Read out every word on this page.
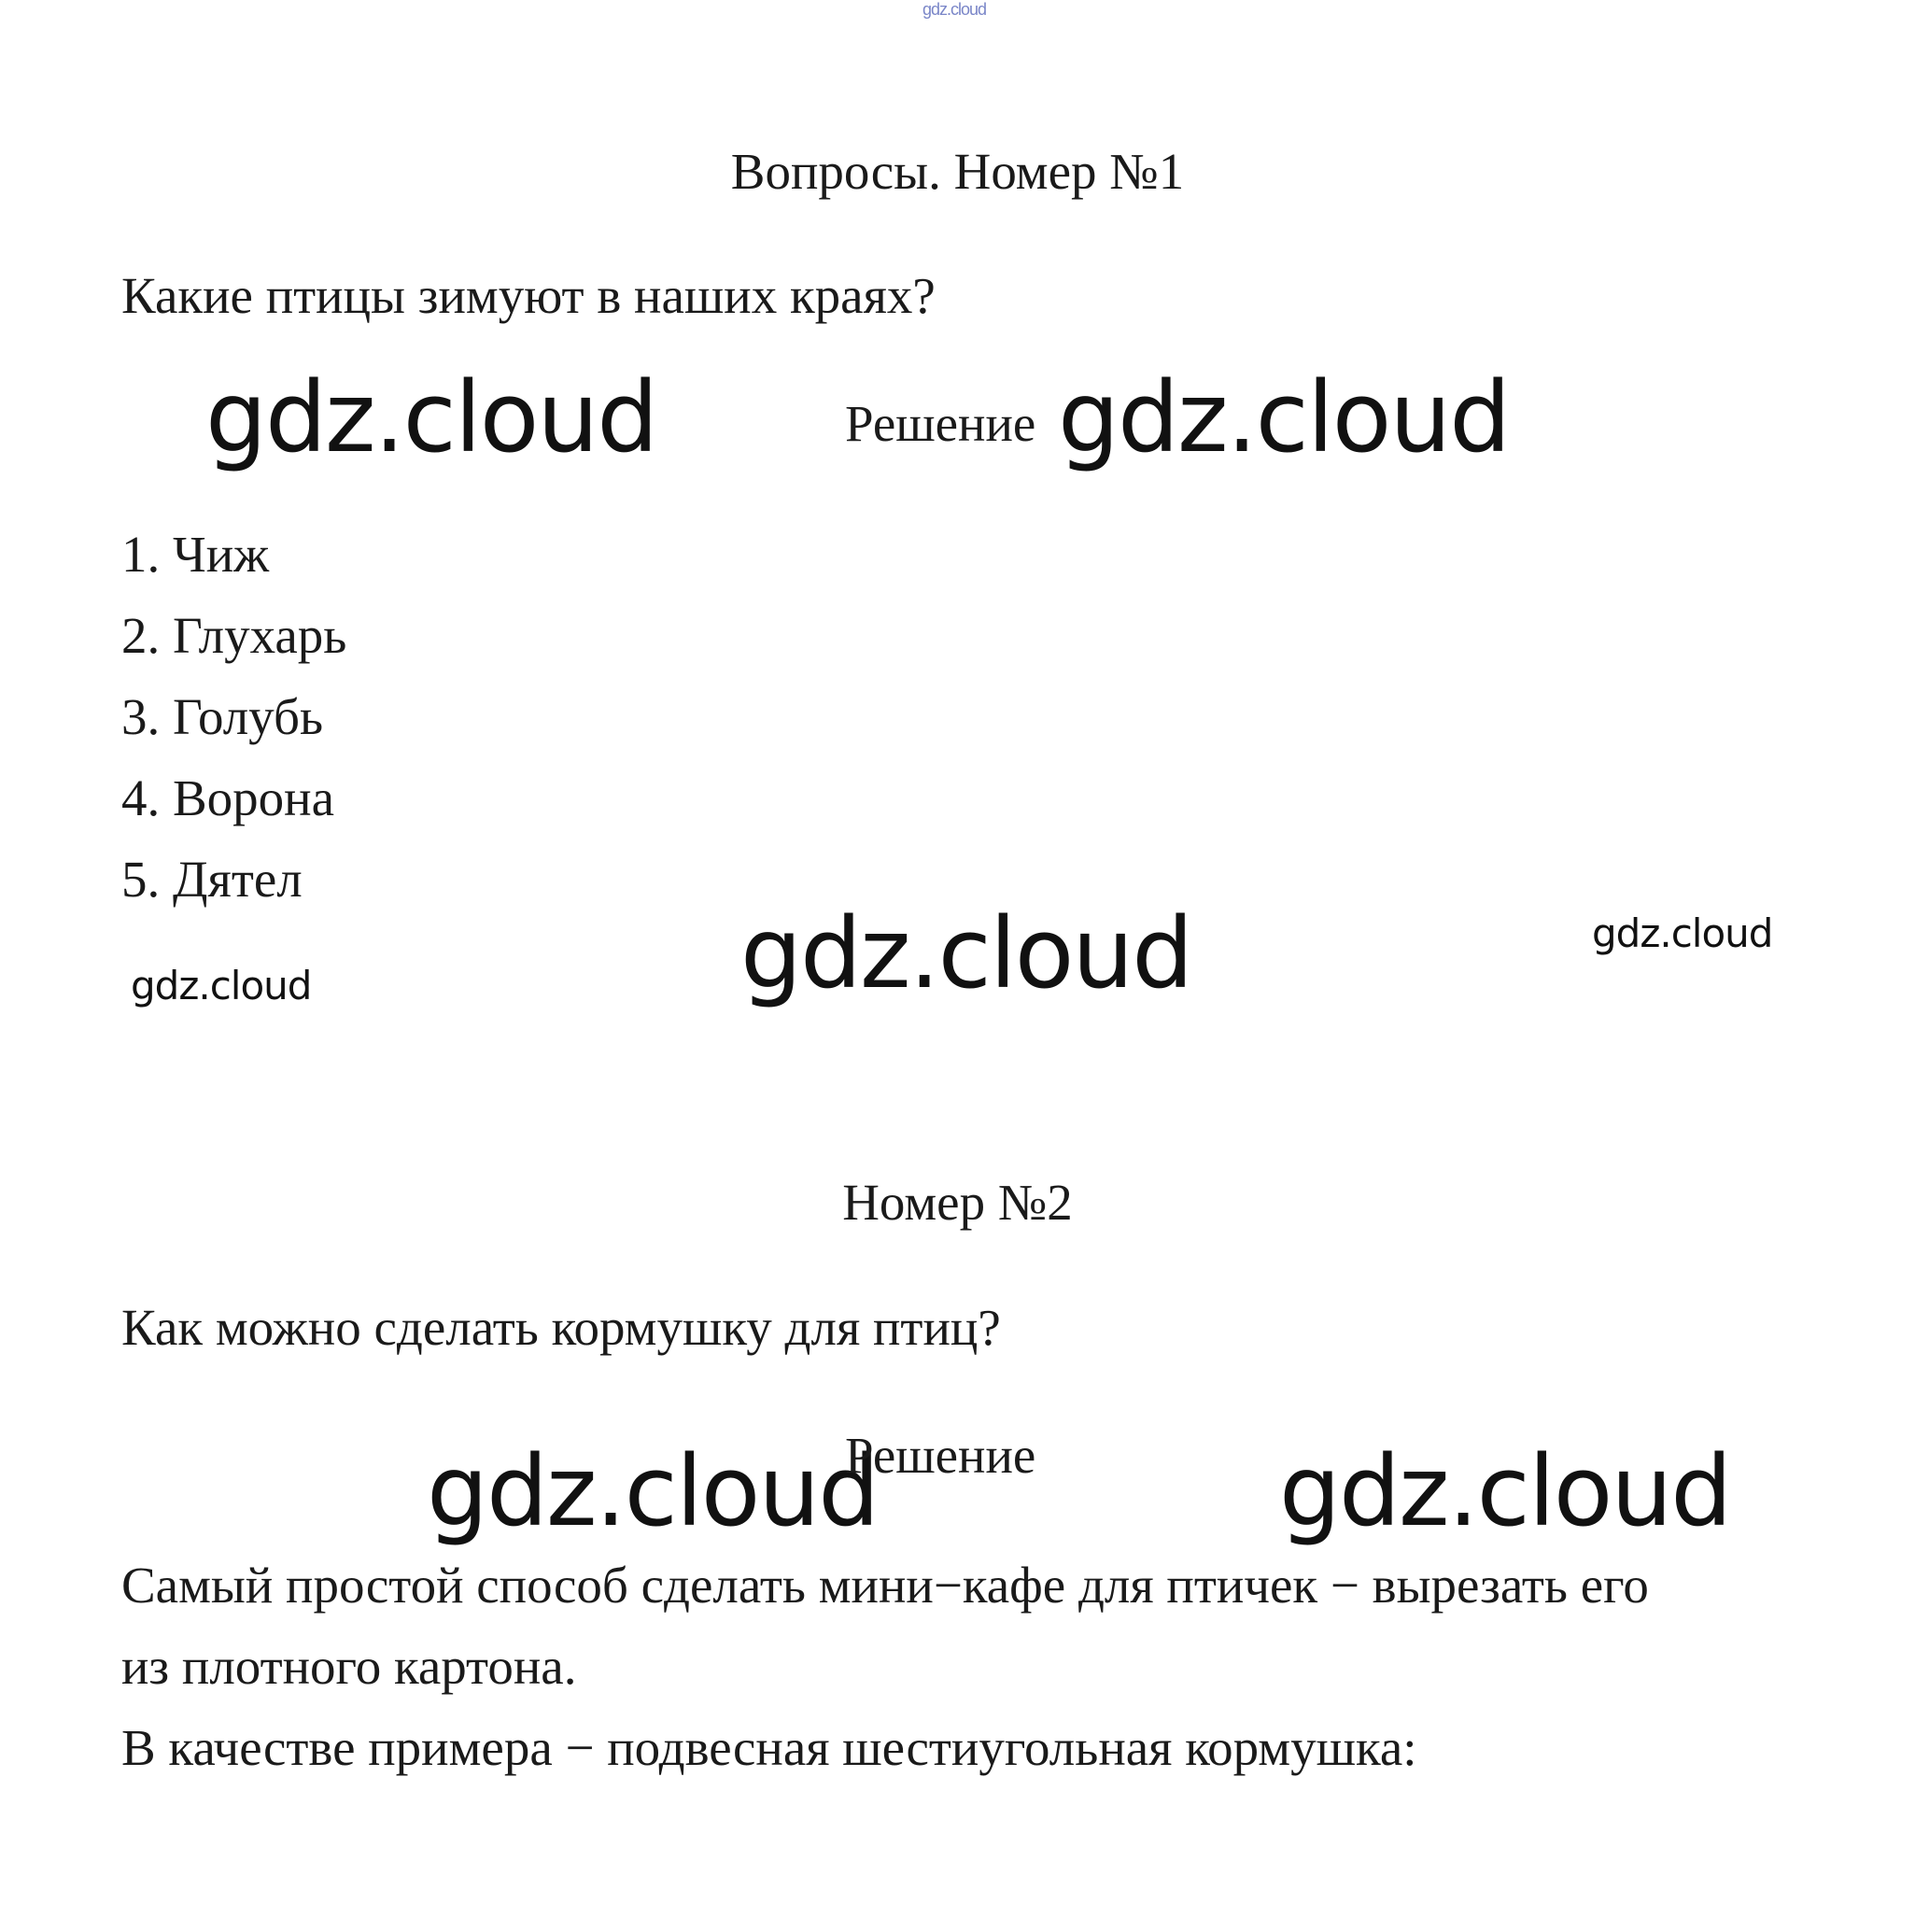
gdz.cloud
Вопросы. Номер №1
Какие птицы зимуют в наших краях?
gdz.cloud	Решение gdz.cloud
1. Чиж
2. Глухарь
3. Голубь
4. Ворона
5. Дятел
gdz.cloud	gdz.cloud
gdz.cloud
Номер №2
Как можно сделать кормушку для птиц?
gdz.cloud
Решение	gdz.cloud
Самый простой способ сделать мини−кафе для птичек − вырезать его
из плотного картона.
В качестве примера − подвесная шестиугольная кормушка:
